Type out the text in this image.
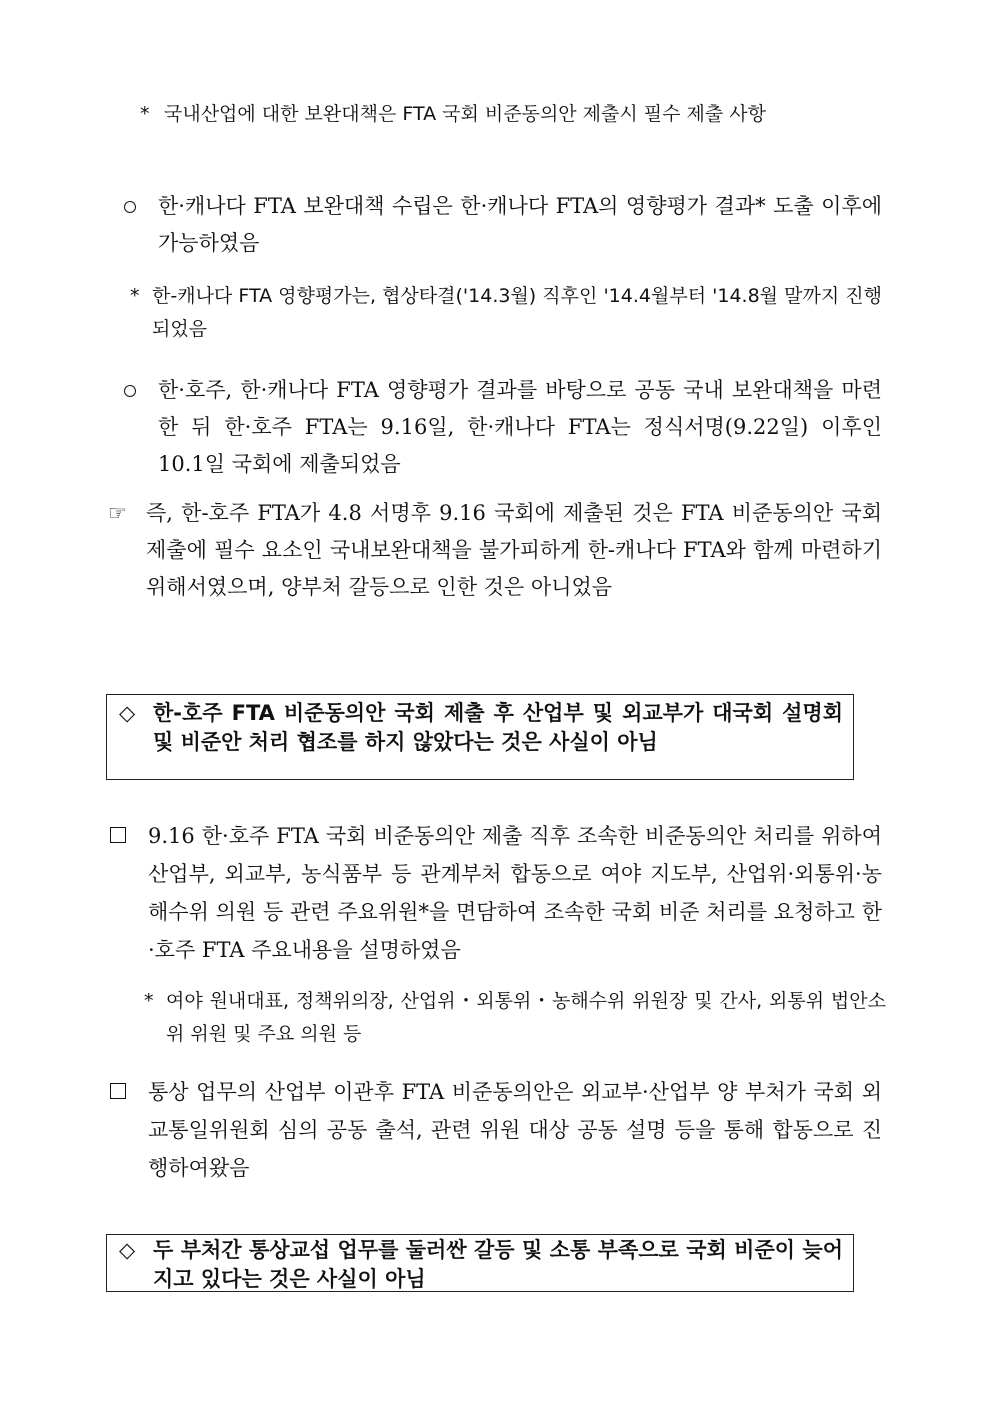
* 국내산업에 대한 보완대책은 FTA 국회 비준동의안 제출시 필수 제출 사항
한·캐나다 FTA 보완대책 수립은 한·캐나다 FTA의 영향평가 결과* 도출 이후에 가능하였음
* 한-캐나다 FTA 영향평가는, 협상타결('14.3월) 직후인 '14.4월부터 '14.8월 말까지 진행되었음
한·호주, 한·캐나다 FTA 영향평가 결과를 바탕으로 공동 국내 보완대책을 마련한 뒤 한·호주 FTA는 9.16일, 한·캐나다 FTA는 정식서명(9.22일) 이후인 10.1일 국회에 제출되었음
☞ 즉, 한-호주 FTA가 4.8 서명후 9.16 국회에 제출된 것은 FTA 비준동의안 국회 제출에 필수 요소인 국내보완대책을 불가피하게 한-캐나다 FTA와 함께 마련하기 위해서였으며, 양부처 갈등으로 인한 것은 아니었음
◇ 한-호주 FTA 비준동의안 국회 제출 후 산업부 및 외교부가 대국회 설명회 및 비준안 처리 협조를 하지 않았다는 것은 사실이 아님
9.16 한·호주 FTA 국회 비준동의안 제출 직후 조속한 비준동의안 처리를 위하여 산업부, 외교부, 농식품부 등 관계부처 합동으로 여야 지도부, 산업위·외통위·농해수위 의원 등 관련 주요위원*을 면담하여 조속한 국회 비준 처리를 요청하고 한·호주 FTA 주요내용을 설명하였음
* 여야 원내대표, 정책위의장, 산업위・외통위・농해수위 위원장 및 간사, 외통위 법안소위 위원 및 주요 의원 등
통상 업무의 산업부 이관후 FTA 비준동의안은 외교부·산업부 양 부처가 국회 외교통일위원회 심의 공동 출석, 관련 위원 대상 공동 설명 등을 통해 합동으로 진행하여왔음
◇ 두 부처간 통상교섭 업무를 둘러싼 갈등 및 소통 부족으로 국회 비준이 늦어지고 있다는 것은 사실이 아님
